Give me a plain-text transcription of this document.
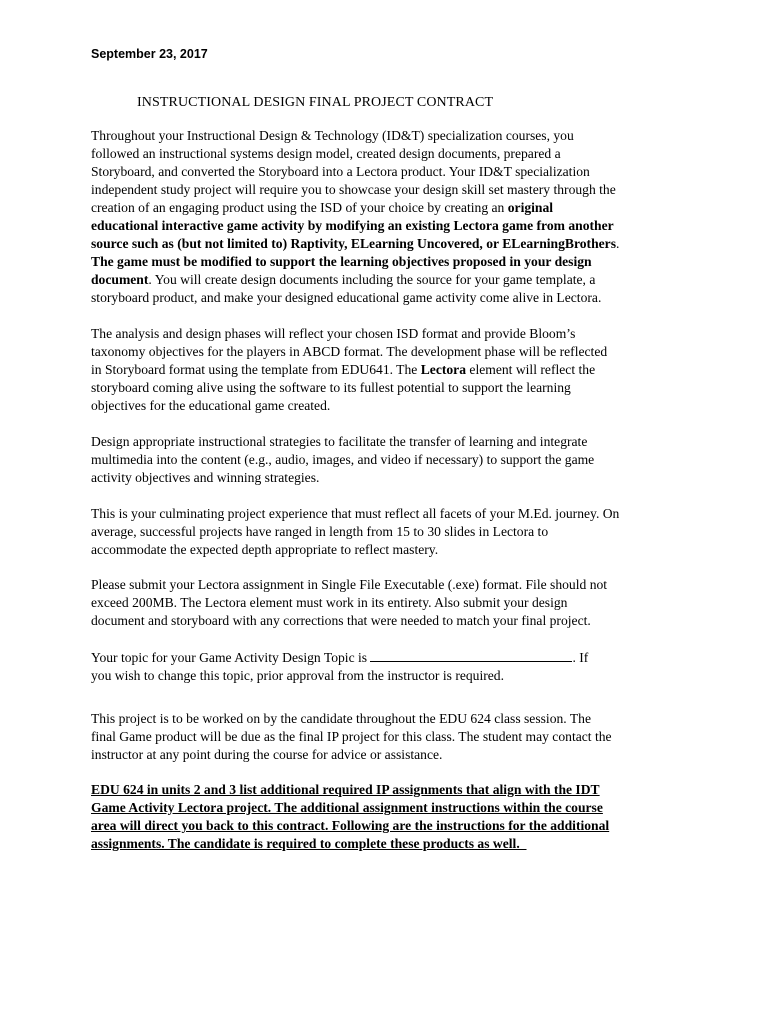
September 23, 2017
INSTRUCTIONAL DESIGN FINAL PROJECT CONTRACT
Throughout your Instructional Design & Technology (ID&T) specialization courses, you
followed an instructional systems design model, created design documents, prepared a
Storyboard, and converted the Storyboard into a Lectora product. Your ID&T specialization
independent study project will require you to showcase your design skill set mastery through the
creation of an engaging product using the ISD of your choice by creating an original
educational interactive game activity by modifying an existing Lectora game from another
source such as (but not limited to) Raptivity, ELearning Uncovered, or ELearningBrothers.
The game must be modified to support the learning objectives proposed in your design
document. You will create design documents including the source for your game template, a
storyboard product, and make your designed educational game activity come alive in Lectora.
The analysis and design phases will reflect your chosen ISD format and provide Bloom’s
taxonomy objectives for the players in ABCD format. The development phase will be reflected
in Storyboard format using the template from EDU641. The Lectora element will reflect the
storyboard coming alive using the software to its fullest potential to support the learning
objectives for the educational game created.
Design appropriate instructional strategies to facilitate the transfer of learning and integrate
multimedia into the content (e.g., audio, images, and video if necessary) to support the game
activity objectives and winning strategies.
This is your culminating project experience that must reflect all facets of your M.Ed. journey. On
average, successful projects have ranged in length from 15 to 30 slides in Lectora to
accommodate the expected depth appropriate to reflect mastery.
Please submit your Lectora assignment in Single File Executable (.exe) format. File should not
exceed 200MB. The Lectora element must work in its entirety. Also submit your design
document and storyboard with any corrections that were needed to match your final project.
Your topic for your Game Activity Design Topic is	. If
you wish to change this topic, prior approval from the instructor is required.
This project is to be worked on by the candidate throughout the EDU 624 class session. The
final Game product will be due as the final IP project for this class. The student may contact the
instructor at any point during the course for advice or assistance.
EDU 624 in units 2 and 3 list additional required IP assignments that align with the IDT
Game Activity Lectora project. The additional assignment instructions within the course
area will direct you back to this contract. Following are the instructions for the additional
assignments. The candidate is required to complete these products as well.
